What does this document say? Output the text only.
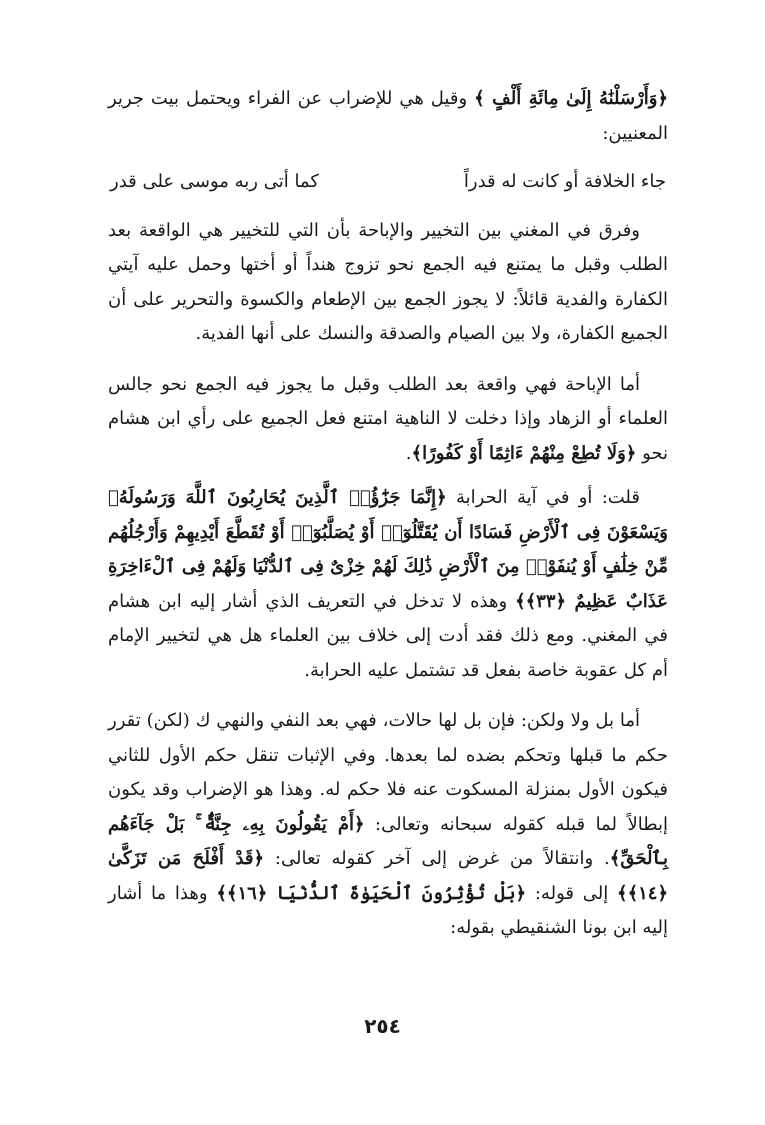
﴿وَأَرْسَلْنَٰهُ إِلَىٰ مِائَةِ أَلْفٍ ﴾ وقيل هي للإضراب عن الفراء ويحتمل بيت جرير المعنيين:

جاء الخلافة أو كانت له قدراً
كما أتى ربه موسى على قدر

وفرق في المغني بين التخيير والإباحة بأن التي للتخيير هي الواقعة بعد الطلب وقبل ما يمتنع فيه الجمع نحو تزوج هنداً أو أختها وحمل عليه آيتي الكفارة والفدية قائلاً: لا يجوز الجمع بين الإطعام والكسوة والتحرير على أن الجميع الكفارة، ولا بين الصيام والصدقة والنسك على أنها الفدية.

أما الإباحة فهي واقعة بعد الطلب وقبل ما يجوز فيه الجمع نحو جالس العلماء أو الزهاد وإذا دخلت لا الناهية امتنع فعل الجميع على رأي ابن هشام نحو ﴿وَلَا تُطِعْ مِنْهُمْ ءَاثِمًا أَوْ كَفُورًا﴾.

قلت: أو في آية الحرابة ﴿إِنَّمَا جَزَٰٓؤُا۟ ٱلَّذِينَ يُحَارِبُونَ ٱللَّهَ وَرَسُولَهُۥ وَيَسْعَوْنَ فِى ٱلْأَرْضِ فَسَادًا أَن يُقَتَّلُوٓا۟ أَوْ يُصَلَّبُوٓا۟ أَوْ تُقَطَّعَ أَيْدِيهِمْ وَأَرْجُلُهُم مِّنْ خِلَٰفٍ أَوْ يُنفَوْا۟ مِنَ ٱلْأَرْضِ ذَٰلِكَ لَهُمْ خِزْىٌ فِى ٱلدُّنْيَا وَلَهُمْ فِى ٱلْءَاخِرَةِ عَذَابٌ عَظِيمٌ ﴿٣٣﴾﴾ وهذه لا تدخل في التعريف الذي أشار إليه ابن هشام في المغني. ومع ذلك فقد أدت إلى خلاف بين العلماء هل هي لتخيير الإمام أم كل عقوبة خاصة بفعل قد تشتمل عليه الحرابة.

أما بل ولا ولكن: فإن بل لها حالات، فهي بعد النفي والنهي ك (لكن) تقرر حكم ما قبلها وتحكم بضده لما بعدها. وفي الإثبات تنقل حكم الأول للثاني فيكون الأول بمنزلة المسكوت عنه فلا حكم له. وهذا هو الإضراب وقد يكون إبطالاً لما قبله كقوله سبحانه وتعالى: ﴿أَمْ يَقُولُونَ بِهِۦ جِنَّةٌۢ ۚ بَلْ جَآءَهُم بِٱلْحَقِّ﴾. وانتقالاً من غرض إلى آخر كقوله تعالى: ﴿قَدْ أَفْلَحَ مَن تَزَكَّىٰ ﴿١٤﴾﴾ إلى قوله: ﴿بَلْ تُؤْثِرُونَ ٱلْحَيَوٰةَ ٱلدُّنْيَا ﴿١٦﴾﴾ وهذا ما أشار إليه ابن بونا الشنقيطي بقوله:

٢٥٤
